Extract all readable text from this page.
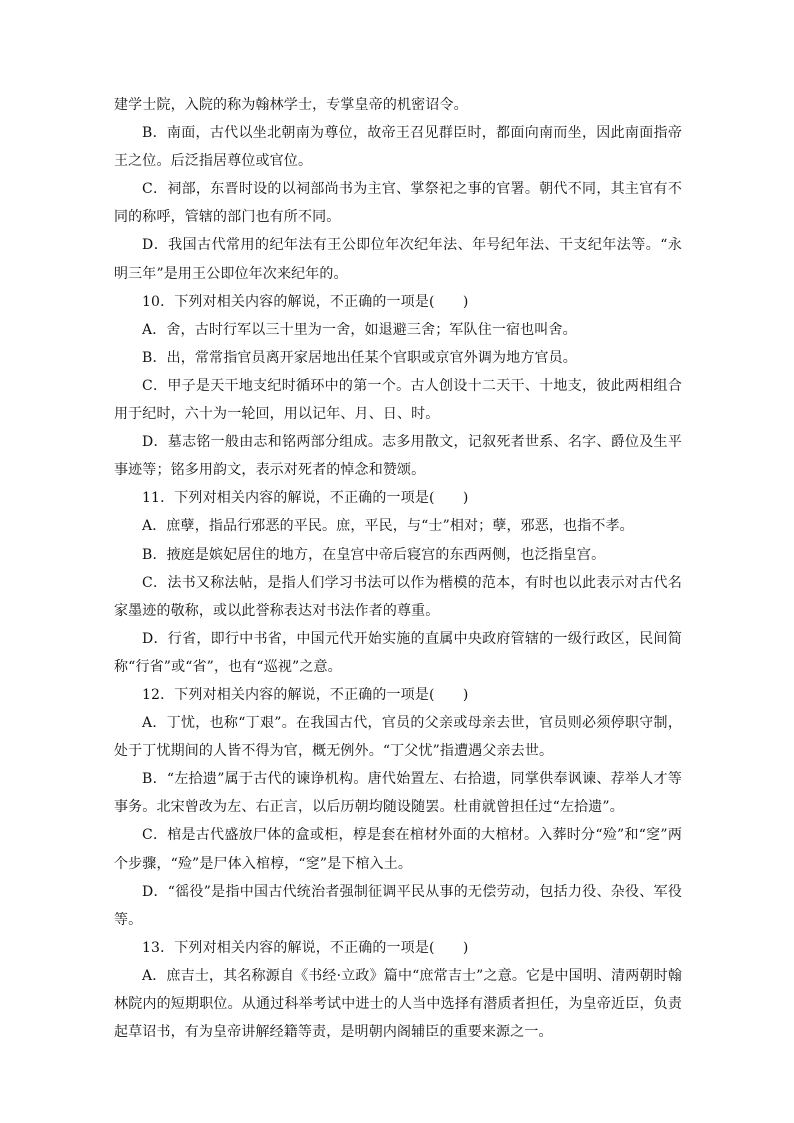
建学士院，入院的称为翰林学士，专掌皇帝的机密诏令。

B．南面，古代以坐北朝南为尊位，故帝王召见群臣时，都面向南而坐，因此南面指帝王之位。后泛指居尊位或官位。

C．祠部，东晋时设的以祠部尚书为主官、掌祭祀之事的官署。朝代不同，其主官有不同的称呼，管辖的部门也有所不同。

D．我国古代常用的纪年法有王公即位年次纪年法、年号纪年法、干支纪年法等。“永明三年”是用王公即位年次来纪年的。

10．下列对相关内容的解说，不正确的一项是(　　)

A．舍，古时行军以三十里为一舍，如退避三舍；军队住一宿也叫舍。

B．出，常常指官员离开家居地出任某个官职或京官外调为地方官员。

C．甲子是天干地支纪时循环中的第一个。古人创设十二天干、十地支，彼此两相组合用于纪时，六十为一轮回，用以记年、月、日、时。

D．墓志铭一般由志和铭两部分组成。志多用散文，记叙死者世系、名字、爵位及生平事迹等；铭多用韵文，表示对死者的悼念和赞颂。

11．下列对相关内容的解说，不正确的一项是(　　)

A．庶孽，指品行邪恶的平民。庶，平民，与“士”相对；孽，邪恶，也指不孝。

B．掖庭是嫔妃居住的地方，在皇宫中帝后寝宫的东西两侧，也泛指皇宫。

C．法书又称法帖，是指人们学习书法可以作为楷模的范本，有时也以此表示对古代名家墨迹的敬称，或以此誉称表达对书法作者的尊重。

D．行省，即行中书省，中国元代开始实施的直属中央政府管辖的一级行政区，民间简称“行省”或“省”，也有“巡视”之意。

12．下列对相关内容的解说，不正确的一项是(　　)

A．丁忧，也称“丁艰”。在我国古代，官员的父亲或母亲去世，官员则必须停职守制，处于丁忧期间的人皆不得为官，概无例外。“丁父忧”指遭遇父亲去世。

B．“左拾遗”属于古代的谏诤机构。唐代始置左、右拾遗，同掌供奉讽谏、荐举人才等事务。北宋曾改为左、右正言，以后历朝均随设随罢。杜甫就曾担任过“左拾遗”。

C．棺是古代盛放尸体的盒或柜，椁是套在棺材外面的大棺材。入葬时分“殓”和“窆”两个步骤，“殓”是尸体入棺椁，“窆”是下棺入土。

D．“徭役”是指中国古代统治者强制征调平民从事的无偿劳动，包括力役、杂役、军役等。

13．下列对相关内容的解说，不正确的一项是(　　)

A．庶吉士，其名称源自《书经·立政》篇中“庶常吉士”之意。它是中国明、清两朝时翰林院内的短期职位。从通过科举考试中进士的人当中选择有潜质者担任，为皇帝近臣，负责起草诏书，有为皇帝讲解经籍等责，是明朝内阁辅臣的重要来源之一。
